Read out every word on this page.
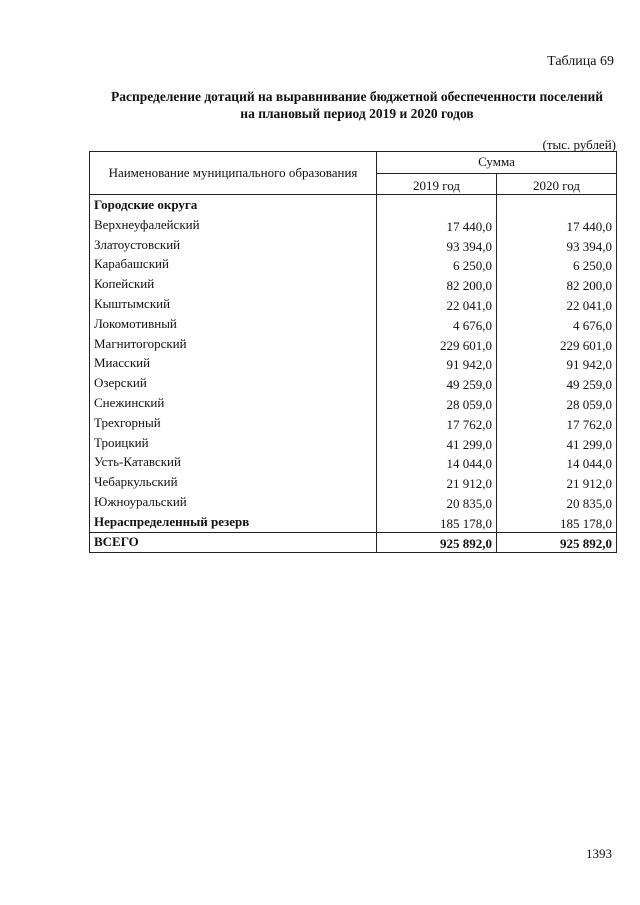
Таблица 69
Распределение дотаций на выравнивание бюджетной обеспеченности поселений
на плановый период 2019 и 2020 годов
(тыс. рублей)
Наименование муниципального образования	Сумма	
	2019 год	2020 год
Городские округа		
Верхнеуфалейский	17 440,0	17 440,0
Златоустовский	93 394,0	93 394,0
Карабашский	6 250,0	6 250,0
Копейский	82 200,0	82 200,0
Кыштымский	22 041,0	22 041,0
Локомотивный	4 676,0	4 676,0
Магнитогорский	229 601,0	229 601,0
Миасский	91 942,0	91 942,0
Озерский	49 259,0	49 259,0
Снежинский	28 059,0	28 059,0
Трехгорный	17 762,0	17 762,0
Троицкий	41 299,0	41 299,0
Усть-Катавский	14 044,0	14 044,0
Чебаркульский	21 912,0	21 912,0
Южноуральский	20 835,0	20 835,0
Нераспределенный резерв	185 178,0	185 178,0
ВСЕГО	925 892,0	925 892,0
1393
